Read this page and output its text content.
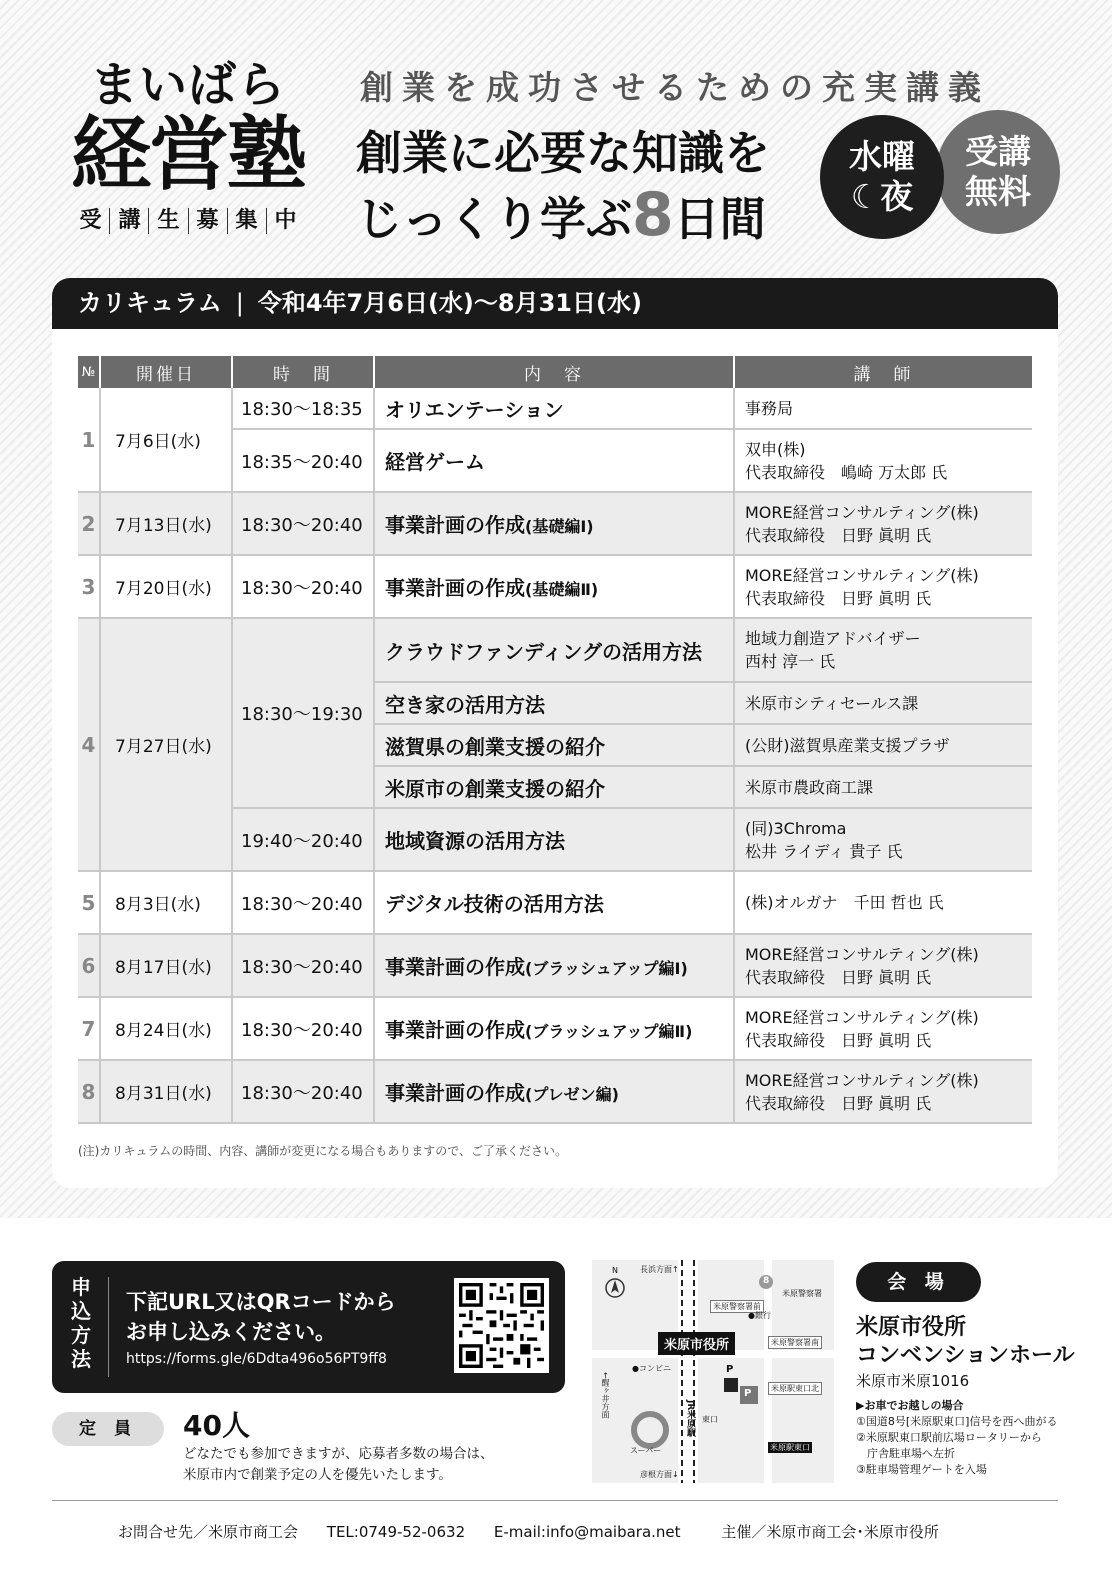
まいばら
経営塾
受 講 生 募 集 中
創業を成功させるための充実講義
創業に必要な知識を
じっくり学ぶ8日間
受講
無料
水曜
☾夜
カリキュラム | 令和4年7月6日(水)〜8月31日(水)
№	開催日	時　間	内　容	講　師
1	7月6日(水)	18:30〜18:35	オリエンテーション	事務局

		18:35〜20:40	経営ゲーム	双申(株)
代表取締役　嶋崎 万太郎 氏

2	7月13日(水)	18:30〜20:40	事業計画の作成(基礎編Ⅰ)	MORE経営コンサルティング(株)
代表取締役　日野 眞明 氏

3	7月20日(水)	18:30〜20:40	事業計画の作成(基礎編Ⅱ)	MORE経営コンサルティング(株)
代表取締役　日野 眞明 氏

4	7月27日(水)	18:30〜19:30	クラウドファンディングの活用方法	地域力創造アドバイザー
西村 淳一 氏

			空き家の活用方法	米原市シティセールス課

			滋賀県の創業支援の紹介	(公財)滋賀県産業支援プラザ

			米原市の創業支援の紹介	米原市農政商工課

		19:40〜20:40	地域資源の活用方法	(同)3Chroma
松井 ライディ 貴子 氏

5	8月3日(水)	18:30〜20:40	デジタル技術の活用方法	(株)オルガナ　千田 哲也 氏

6	8月17日(水)	18:30〜20:40	事業計画の作成(ブラッシュアップ編Ⅰ)	MORE経営コンサルティング(株)
代表取締役　日野 眞明 氏

7	8月24日(水)	18:30〜20:40	事業計画の作成(ブラッシュアップ編Ⅱ)	MORE経営コンサルティング(株)
代表取締役　日野 眞明 氏

8	8月31日(水)	18:30〜20:40	事業計画の作成(プレゼン編)	MORE経営コンサルティング(株)
代表取締役　日野 眞明 氏
(注)カリキュラムの時間、内容、講師が変更になる場合もありますので、ご了承ください。
申込方法
下記URL又はQRコードから
お申し込みください。
https://forms.gle/6Ddta496o56PT9ff8
定 員	40人
どなたでも参加できますが、応募者多数の場合は、
米原市内で創業予定の人を優先いたします。
N	長浜方面↑
8
米原警察署
米原警察署前
●銀行
米原警察署南
米原市役所
●コンビニ
←醒ヶ井方面
P
P	米原駅東口北
東口
JR米原駅
米原駅東口
スーパー
彦根方面↓
会 場
米原市役所
コンベンションホール
米原市米原1016
▶お車でお越しの場合
①国道8号[米原駅東口]信号を西へ曲がる
②米原駅東口駅前広場ロータリーから
　庁舎駐車場へ左折
③駐車場管理ゲートを入場
お問合せ先／米原市商工会 TEL:0749-52-0632 E-mail:info@maibara.net	主催／米原市商工会･米原市役所
